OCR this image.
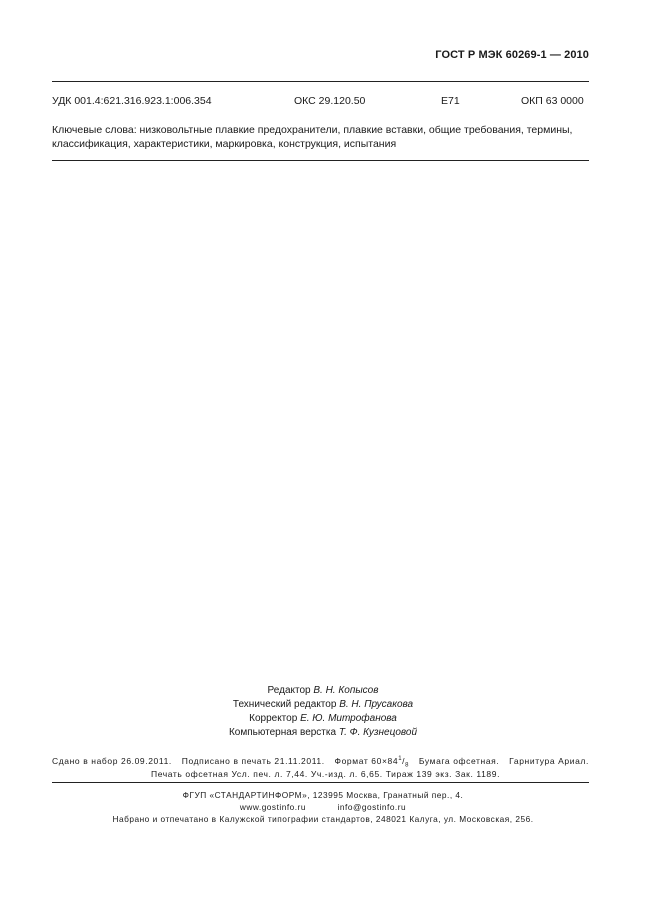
ГОСТ Р МЭК 60269-1 — 2010
УДК 001.4:621.316.923.1:006.354	ОКС 29.120.50	Е71	ОКП 63 0000
Ключевые слова: низковольтные плавкие предохранители, плавкие вставки, общие требования, термины,
классификация, характеристики, маркировка, конструкция, испытания
Редактор В. Н. Копысов
Технический редактор В. Н. Прусакова
Корректор Е. Ю. Митрофанова
Компьютерная верстка Т. Ф. Кузнецовой
Сдано в набор 26.09.2011. Подписано в печать 21.11.2011. Формат $60\times 84^1/_8$ Бумага офсетная. Гарнитура Ариал.
Печать офсетная Усл. печ. л. 7,44. Уч.-изд. л. 6,65. Тираж 139 экз. Зак. 1189.
ФГУП «СТАНДАРТИНФОРМ», 123995 Москва, Гранатный пер., 4.
www.gostinfo.ru	info@gostinfo.ru
Набрано и отпечатано в Калужской типографии стандартов, 248021 Калуга, ул. Московская, 256.
